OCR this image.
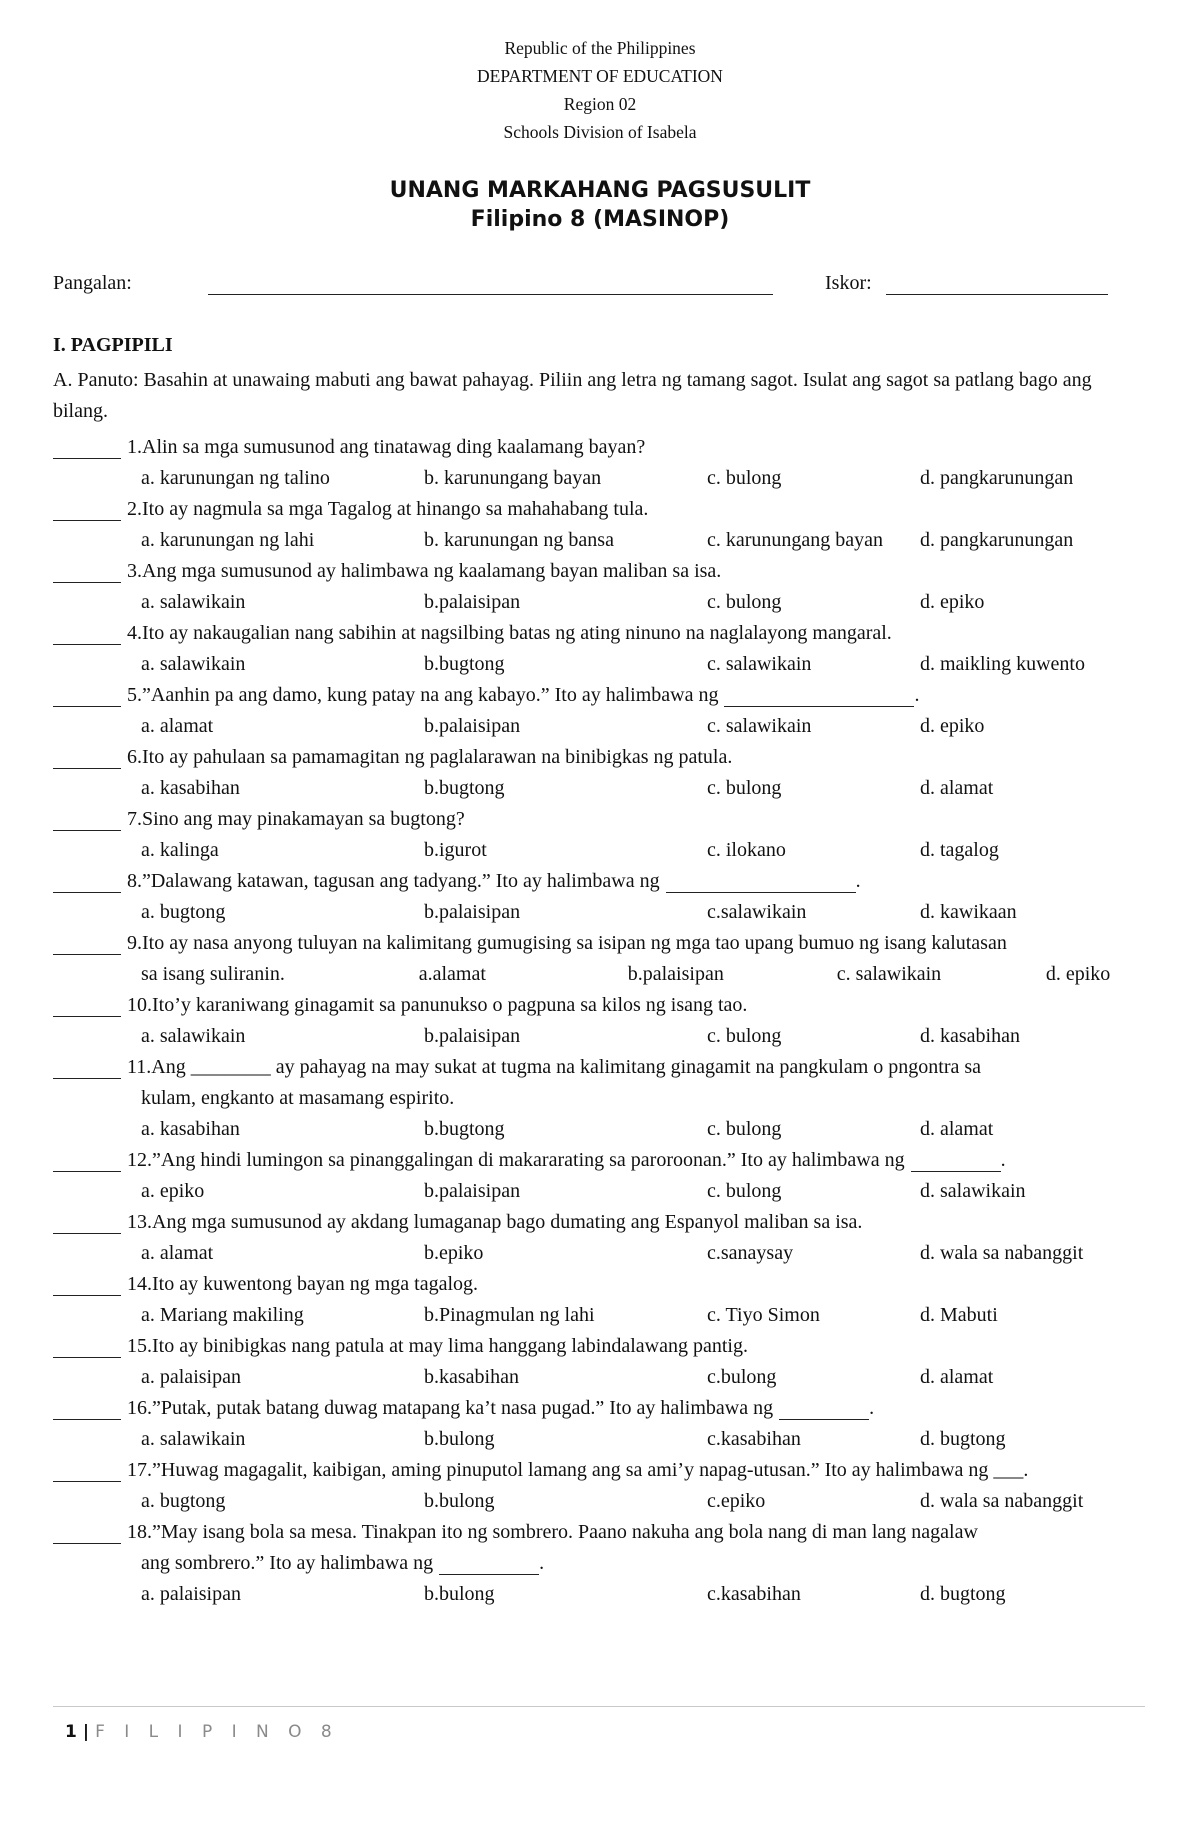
Republic of the Philippines
DEPARTMENT OF EDUCATION
Region 02
Schools Division of Isabela
UNANG MARKAHANG PAGSUSULIT
Filipino 8 (MASINOP)
Pangalan:	Iskor:
I. PAGPIPILI
A. Panuto: Basahin at unawaing mabuti ang bawat pahayag. Piliin ang letra ng tamang sagot. Isulat ang sagot sa patlang bago ang bilang.
1.Alin sa mga sumusunod ang tinatawag ding kaalamang bayan?
a. karunungan ng talino	b. karunungang bayan	c. bulong	d. pangkarunungan
2.Ito ay nagmula sa mga Tagalog at hinango sa mahahabang tula.
a. karunungan ng lahi	b. karunungan ng bansa	c. karunungang bayan	d. pangkarunungan
3.Ang mga sumusunod ay halimbawa ng kaalamang bayan maliban sa isa.
a. salawikain	b.palaisipan	c. bulong	d. epiko
4.Ito ay nakaugalian nang sabihin at nagsilbing batas ng ating ninuno na naglalayong mangaral.
a. salawikain	b.bugtong	c. salawikain	d. maikling kuwento
5.”Aanhin pa ang damo, kung patay na ang kabayo.” Ito ay halimbawa ng	.
a. alamat	b.palaisipan	c. salawikain	d. epiko
6.Ito ay pahulaan sa pamamagitan ng paglalarawan na binibigkas ng patula.
a. kasabihan	b.bugtong	c. bulong	d. alamat
7.Sino ang may pinakamayan sa bugtong?
a. kalinga	b.igurot	c. ilokano	d. tagalog
8.”Dalawang katawan, tagusan ang tadyang.” Ito ay halimbawa ng	.
a. bugtong	b.palaisipan	c.salawikain	d. kawikaan
9.Ito ay nasa anyong tuluyan na kalimitang gumugising sa isipan ng mga tao upang bumuo ng isang kalutasan
sa isang suliranin.	a.alamat	b.palaisipan	c. salawikain	d. epiko
10.Ito’y karaniwang ginagamit sa panunukso o pagpuna sa kilos ng isang tao.
a. salawikain	b.palaisipan	c. bulong	d. kasabihan
11.Ang ________ ay pahayag na may sukat at tugma na kalimitang ginagamit na pangkulam o pngontra sa
kulam, engkanto at masamang espirito.
a. kasabihan	b.bugtong	c. bulong	d. alamat
12.”Ang hindi lumingon sa pinanggalingan di makararating sa paroroonan.” Ito ay halimbawa ng	.
a. epiko	b.palaisipan	c. bulong	d. salawikain
13.Ang mga sumusunod ay akdang lumaganap bago dumating ang Espanyol maliban sa isa.
a. alamat	b.epiko	c.sanaysay	d. wala sa nabanggit
14.Ito ay kuwentong bayan ng mga tagalog.
a. Mariang makiling	b.Pinagmulan ng lahi	c. Tiyo Simon	d. Mabuti
15.Ito ay binibigkas nang patula at may lima hanggang labindalawang pantig.
a. palaisipan	b.kasabihan	c.bulong	d. alamat
16.”Putak, putak batang duwag matapang ka’t nasa pugad.” Ito ay halimbawa ng	.
a. salawikain	b.bulong	c.kasabihan	d. bugtong
17.”Huwag magagalit, kaibigan, aming pinuputol lamang ang sa ami’y napag-utusan.” Ito ay halimbawa ng ___.
a. bugtong	b.bulong	c.epiko	d. wala sa nabanggit
18.”May isang bola sa mesa. Tinakpan ito ng sombrero. Paano nakuha ang bola nang di man lang nagalaw
ang sombrero.” Ito ay halimbawa ng	.
a. palaisipan	b.bulong	c.kasabihan	d. bugtong
1 | F I L I P I N O 8
